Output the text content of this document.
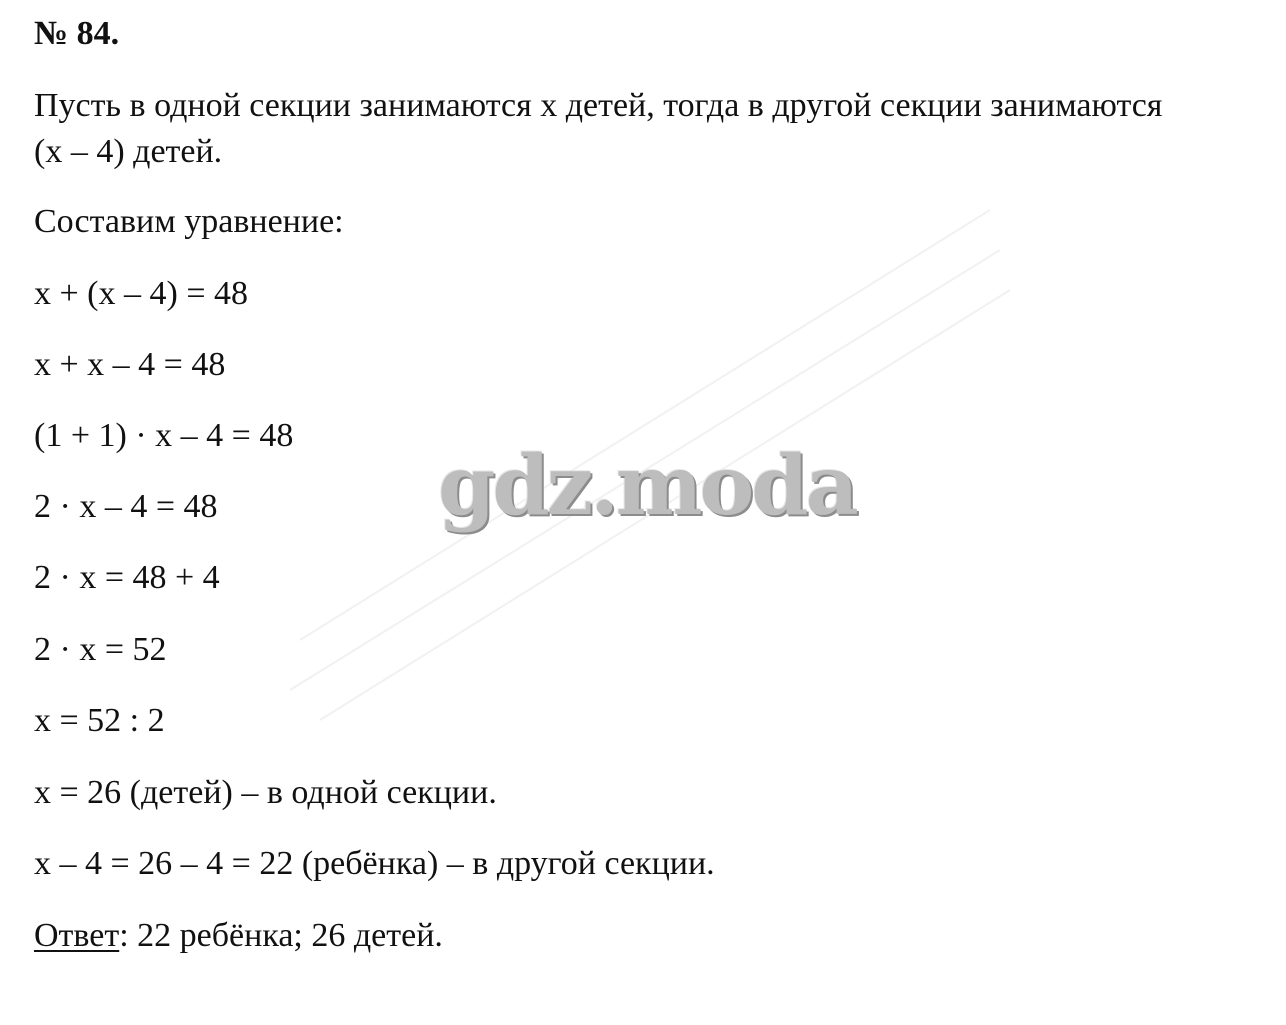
№ 84.
Пусть в одной секции занимаются x детей, тогда в другой секции занимаются
(x – 4) детей.
Составим уравнение:
x + (x – 4) = 48
x + x – 4 = 48
(1 + 1) · x – 4 = 48
2 · x – 4 = 48
2 · x = 48 + 4
2 · x = 52
x = 52 : 2
x = 26 (детей) – в одной секции.
x – 4 = 26 – 4 = 22 (ребёнка) – в другой секции.
Ответ: 22 ребёнка; 26 детей.
gdz.moda
